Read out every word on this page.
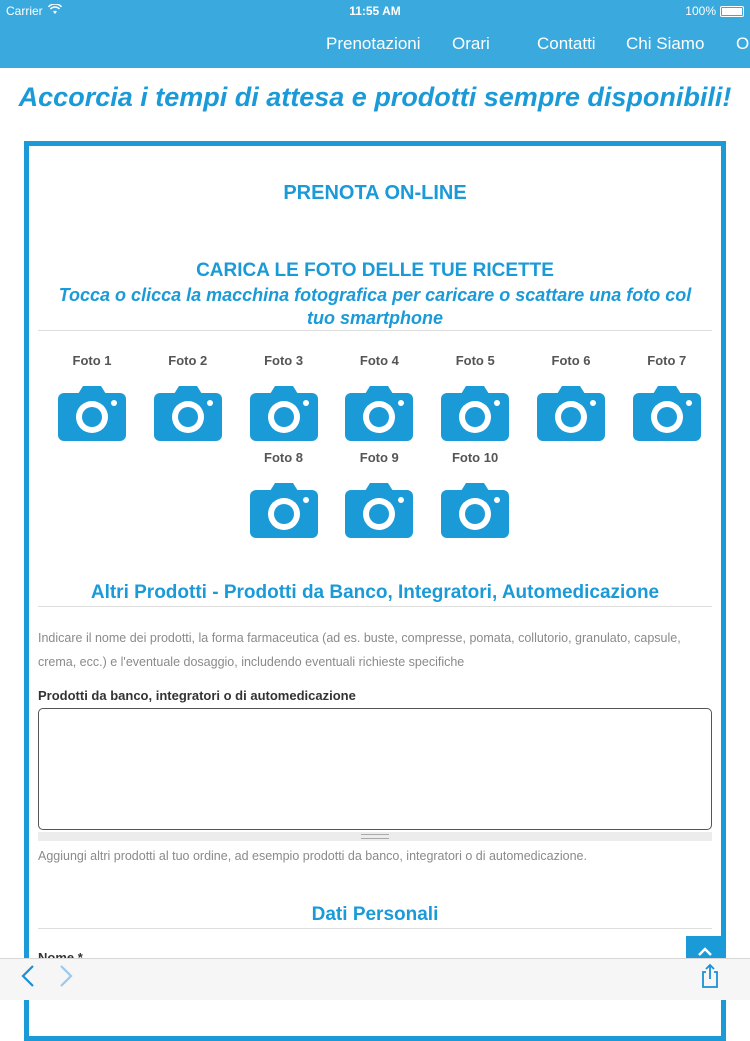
Carrier	11:55 AM	100%
Prenotazioni Orari	Contatti Chi Siamo O
Accorcia i tempi di attesa e prodotti sempre disponibili!
PRENOTA ON-LINE
CARICA LE FOTO DELLE TUE RICETTE
Tocca o clicca la macchina fotografica per caricare o scattare una foto col tuo smartphone
Foto 1	Foto 2	Foto 3	Foto 4	Foto 5	Foto 6	Foto 7
Foto 8	Foto 9	Foto 10
Altri Prodotti - Prodotti da Banco, Integratori, Automedicazione
Indicare il nome dei prodotti, la forma farmaceutica (ad es. buste, compresse, pomata, collutorio, granulato, capsule, crema, ecc.) e l'eventuale dosaggio, includendo eventuali richieste specifiche
Prodotti da banco, integratori o di automedicazione
Aggiungi altri prodotti al tuo ordine, ad esempio prodotti da banco, integratori o di automedicazione.
Dati Personali
